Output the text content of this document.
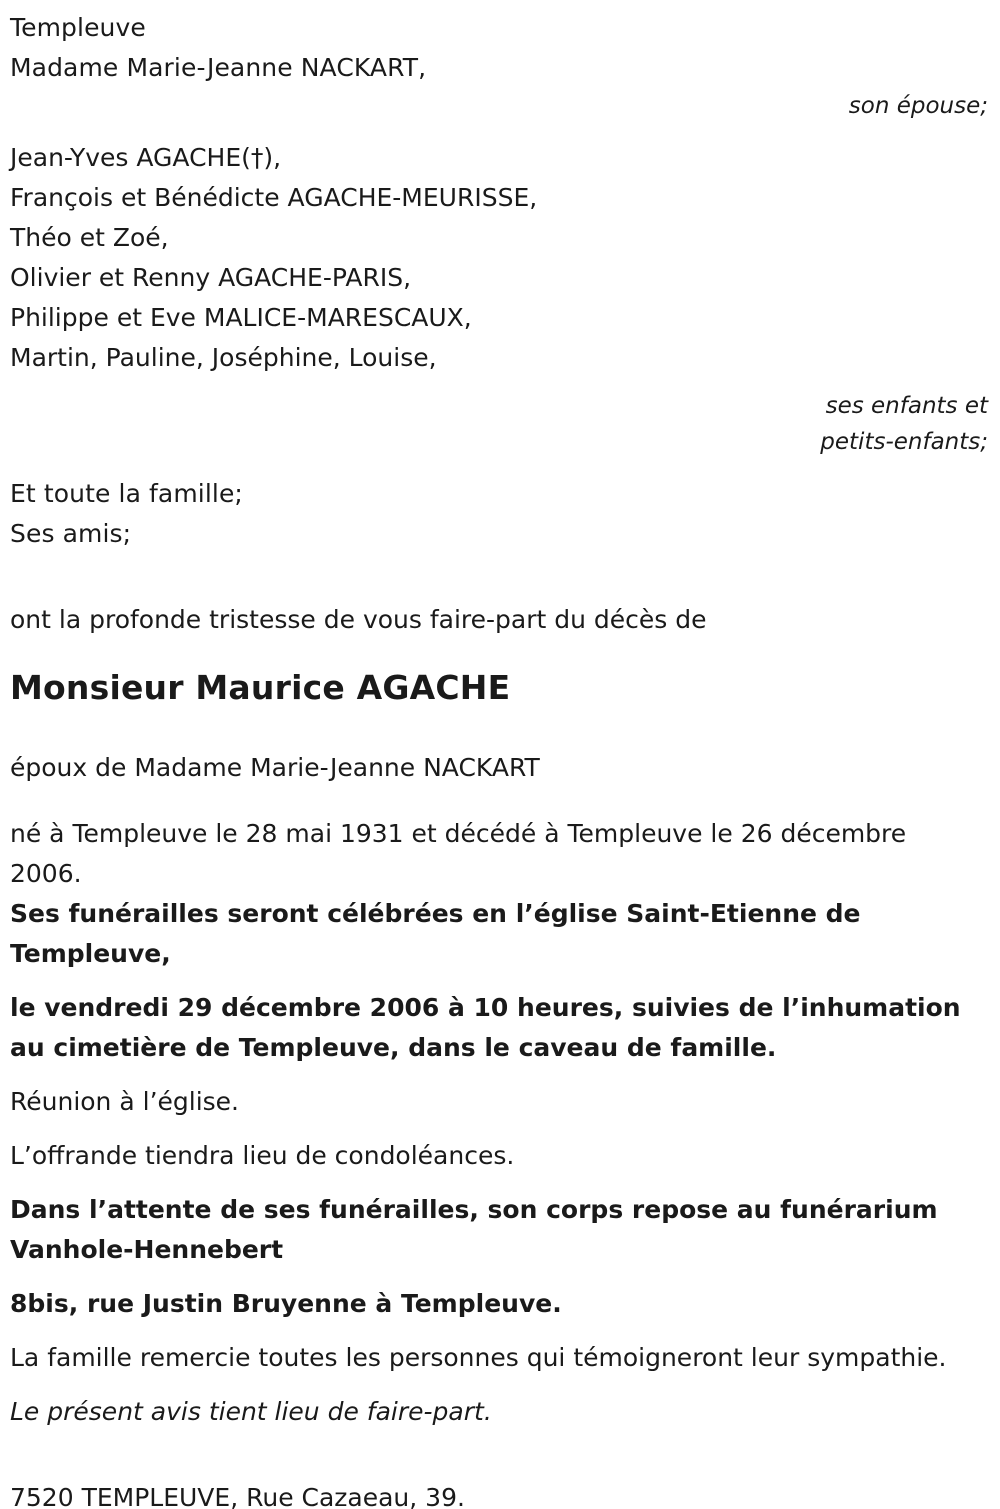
Templeuve
Madame Marie-Jeanne NACKART,
son épouse;
Jean-Yves AGACHE(†),
François et Bénédicte AGACHE-MEURISSE,
Théo et Zoé,
Olivier et Renny AGACHE-PARIS,
Philippe et Eve MALICE-MARESCAUX,
Martin, Pauline, Joséphine, Louise,
ses enfants et
petits-enfants;
Et toute la famille;
Ses amis;
ont la profonde tristesse de vous faire-part du décès de
Monsieur Maurice AGACHE
époux de Madame Marie-Jeanne NACKART
né à Templeuve le 28 mai 1931 et décédé à Templeuve le 26 décembre 2006.
Ses funérailles seront célébrées en l’église Saint-Etienne de Templeuve,
le vendredi 29 décembre 2006 à 10 heures, suivies de l’inhumation au cimetière de Templeuve, dans le caveau de famille.
Réunion à l’église.
L’offrande tiendra lieu de condoléances.
Dans l’attente de ses funérailles, son corps repose au funérarium Vanhole-Hennebert
8bis, rue Justin Bruyenne à Templeuve.
La famille remercie toutes les personnes qui témoigneront leur sympathie.
Le présent avis tient lieu de faire-part.
7520 TEMPLEUVE, Rue Cazaeau, 39.
